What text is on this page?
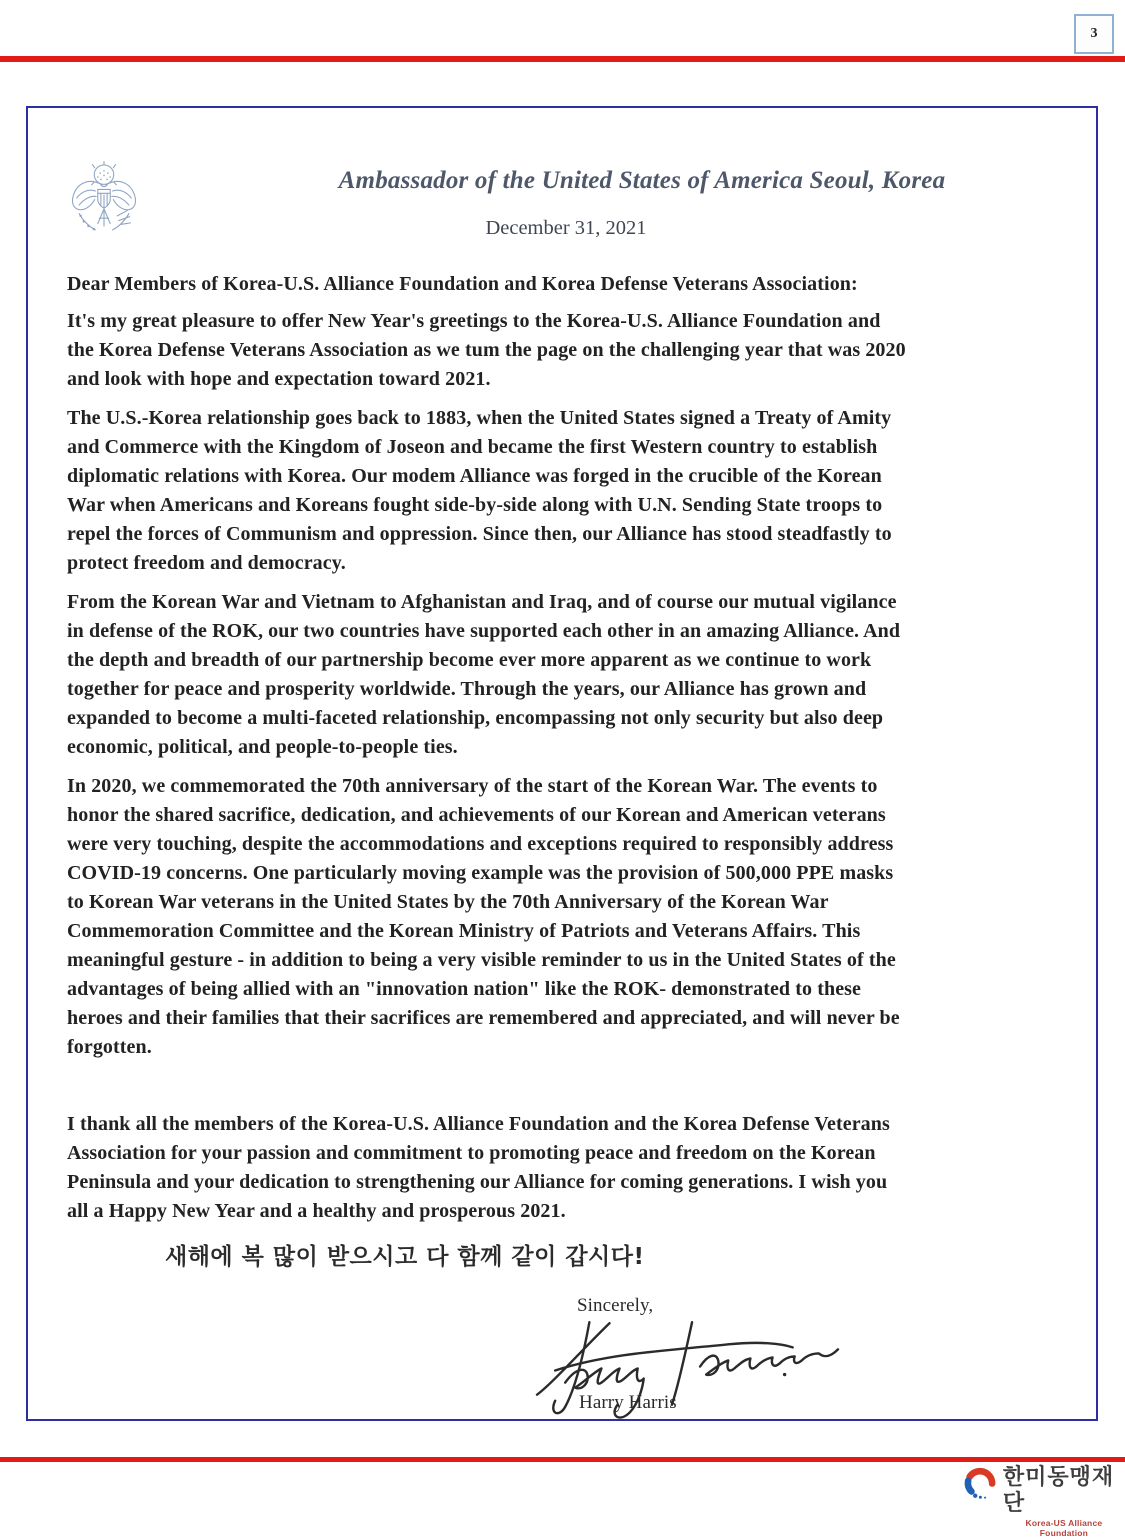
3
Ambassador of the United States of America Seoul, Korea
December 31, 2021
Dear Members of Korea-U.S. Alliance Foundation and Korea Defense Veterans Association:
It's my great pleasure to offer New Year's greetings to the Korea-U.S. Alliance Foundation and
the Korea Defense Veterans Association as we tum the page on the challenging year that was 2020
and look with hope and expectation toward 2021.
The U.S.-Korea relationship goes back to 1883, when the United States signed a Treaty of Amity
and Commerce with the Kingdom of Joseon and became the first Western country to establish
diplomatic relations with Korea. Our modem Alliance was forged in the crucible of the Korean
War when Americans and Koreans fought side-by-side along with U.N. Sending State troops to
repel the forces of Communism and oppression. Since then, our Alliance has stood steadfastly to
protect freedom and democracy.
From the Korean War and Vietnam to Afghanistan and Iraq, and of course our mutual vigilance
in defense of the ROK, our two countries have supported each other in an amazing Alliance. And
the depth and breadth of our partnership become ever more apparent as we continue to work
together for peace and prosperity worldwide. Through the years, our Alliance has grown and
expanded to become a multi-faceted relationship, encompassing not only security but also deep
economic, political, and people-to-people ties.
In 2020, we commemorated the 70th anniversary of the start of the Korean War. The events to
honor the shared sacrifice, dedication, and achievements of our Korean and American veterans
were very touching, despite the accommodations and exceptions required to responsibly address
COVID-19 concerns. One particularly moving example was the provision of 500,000 PPE masks
to Korean War veterans in the United States by the 70th Anniversary of the Korean War
Commemoration Committee and the Korean Ministry of Patriots and Veterans Affairs. This
meaningful gesture - in addition to being a very visible reminder to us in the United States of the
advantages of being allied with an "innovation nation" like the ROK- demonstrated to these
heroes and their families that their sacrifices are remembered and appreciated, and will never be
forgotten.
I thank all the members of the Korea-U.S. Alliance Foundation and the Korea Defense Veterans
Association for your passion and commitment to promoting peace and freedom on the Korean
Peninsula and your dedication to strengthening our Alliance for coming generations. I wish you
all a Happy New Year and a healthy and prosperous 2021.
새해에 복 많이 받으시고 다 함께 같이 갑시다!
Sincerely,
Harry Harris
한미동맹재단
Korea-US Alliance Foundation
